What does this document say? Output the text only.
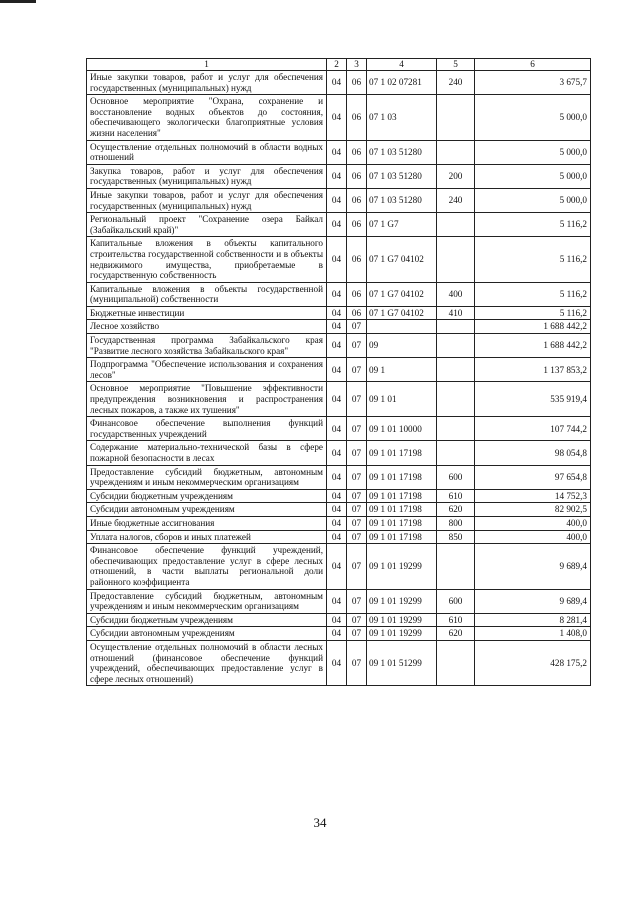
1	2	3	4	5	6
Иные закупки товаров, работ и услуг для обеспечения государственных (муниципальных) нужд	04	06	07 1 02 07281	240	3 675,7
Основное мероприятие "Охрана, сохранение и восстановление водных объектов до состояния, обеспечивающего экологически благоприятные условия жизни населения"	04	06	07 1 03		5 000,0
Осуществление отдельных полномочий в области водных отношений	04	06	07 1 03 51280		5 000,0
Закупка товаров, работ и услуг для обеспечения государственных (муниципальных) нужд	04	06	07 1 03 51280	200	5 000,0
Иные закупки товаров, работ и услуг для обеспечения государственных (муниципальных) нужд	04	06	07 1 03 51280	240	5 000,0
Региональный проект "Сохранение озера Байкал (Забайкальский край)"	04	06	07 1 G7		5 116,2
Капитальные вложения в объекты капитального строительства государственной собственности и в объекты недвижимого имущества, приобретаемые в государственную собственность	04	06	07 1 G7 04102		5 116,2
Капитальные вложения в объекты государственной (муниципальной) собственности	04	06	07 1 G7 04102	400	5 116,2
Бюджетные инвестиции	04	06	07 1 G7 04102	410	5 116,2
Лесное хозяйство	04	07			1 688 442,2
Государственная программа Забайкальского края "Развитие лесного хозяйства Забайкальского края"	04	07	09		1 688 442,2
Подпрограмма "Обеспечение использования и сохранения лесов"	04	07	09 1		1 137 853,2
Основное мероприятие "Повышение эффективности предупреждения возникновения и распространения лесных пожаров, а также их тушения"	04	07	09 1 01		535 919,4
Финансовое обеспечение выполнения функций государственных учреждений	04	07	09 1 01 10000		107 744,2
Содержание материально-технической базы в сфере пожарной безопасности в лесах	04	07	09 1 01 17198		98 054,8
Предоставление субсидий бюджетным, автономным учреждениям и иным некоммерческим организациям	04	07	09 1 01 17198	600	97 654,8
Субсидии бюджетным учреждениям	04	07	09 1 01 17198	610	14 752,3
Субсидии автономным учреждениям	04	07	09 1 01 17198	620	82 902,5
Иные бюджетные ассигнования	04	07	09 1 01 17198	800	400,0
Уплата налогов, сборов и иных платежей	04	07	09 1 01 17198	850	400,0
Финансовое обеспечение функций учреждений, обеспечивающих предоставление услуг в сфере лесных отношений, в части выплаты региональной доли районного коэффициента	04	07	09 1 01 19299		9 689,4
Предоставление субсидий бюджетным, автономным учреждениям и иным некоммерческим организациям	04	07	09 1 01 19299	600	9 689,4
Субсидии бюджетным учреждениям	04	07	09 1 01 19299	610	8 281,4
Субсидии автономным учреждениям	04	07	09 1 01 19299	620	1 408,0
Осуществление отдельных полномочий в области лесных отношений (финансовое обеспечение функций учреждений, обеспечивающих предоставление услуг в сфере лесных отношений)	04	07	09 1 01 51299		428 175,2
34
